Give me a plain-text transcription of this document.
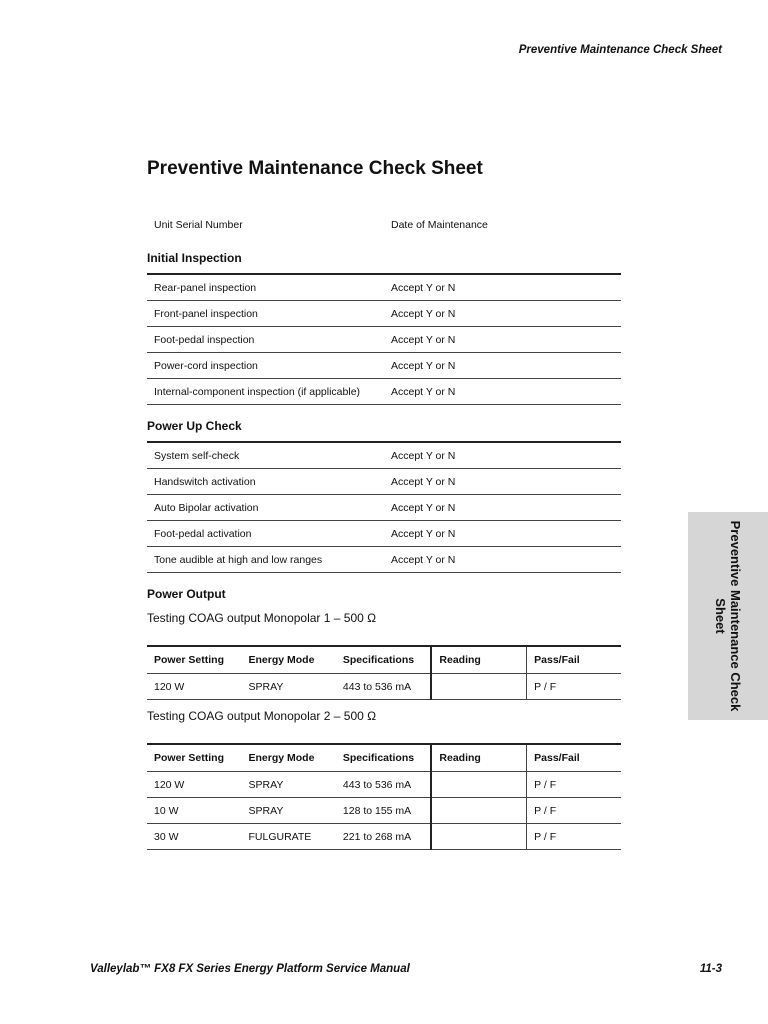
Preventive Maintenance Check Sheet
Preventive Maintenance Check Sheet
Unit Serial Number	Date of Maintenance
Initial Inspection
Rear-panel inspection	Accept Y or N
Front-panel inspection	Accept Y or N
Foot-pedal inspection	Accept Y or N
Power-cord inspection	Accept Y or N
Internal-component inspection (if applicable)	Accept Y or N
Power Up Check
System self-check	Accept Y or N
Handswitch activation	Accept Y or N
Auto Bipolar activation	Accept Y or N
Foot-pedal activation	Accept Y or N
Tone audible at high and low ranges	Accept Y or N
Power Output

Testing COAG output Monopolar 1 – 500 Ω

Power Setting	Energy Mode	Specifications	Reading	Pass/Fail
120 W	SPRAY	443 to 536 mA		P / F

Testing COAG output Monopolar 2 – 500 Ω

Power Setting	Energy Mode	Specifications	Reading	Pass/Fail
120 W	SPRAY	443 to 536 mA		P / F
10 W	SPRAY	128 to 155 mA		P / F
30 W	FULGURATE	221 to 268 mA		P / F
Preventive Maintenance Check
Sheet
Valleylab™ FX8 FX Series Energy Platform Service Manual	11-3
